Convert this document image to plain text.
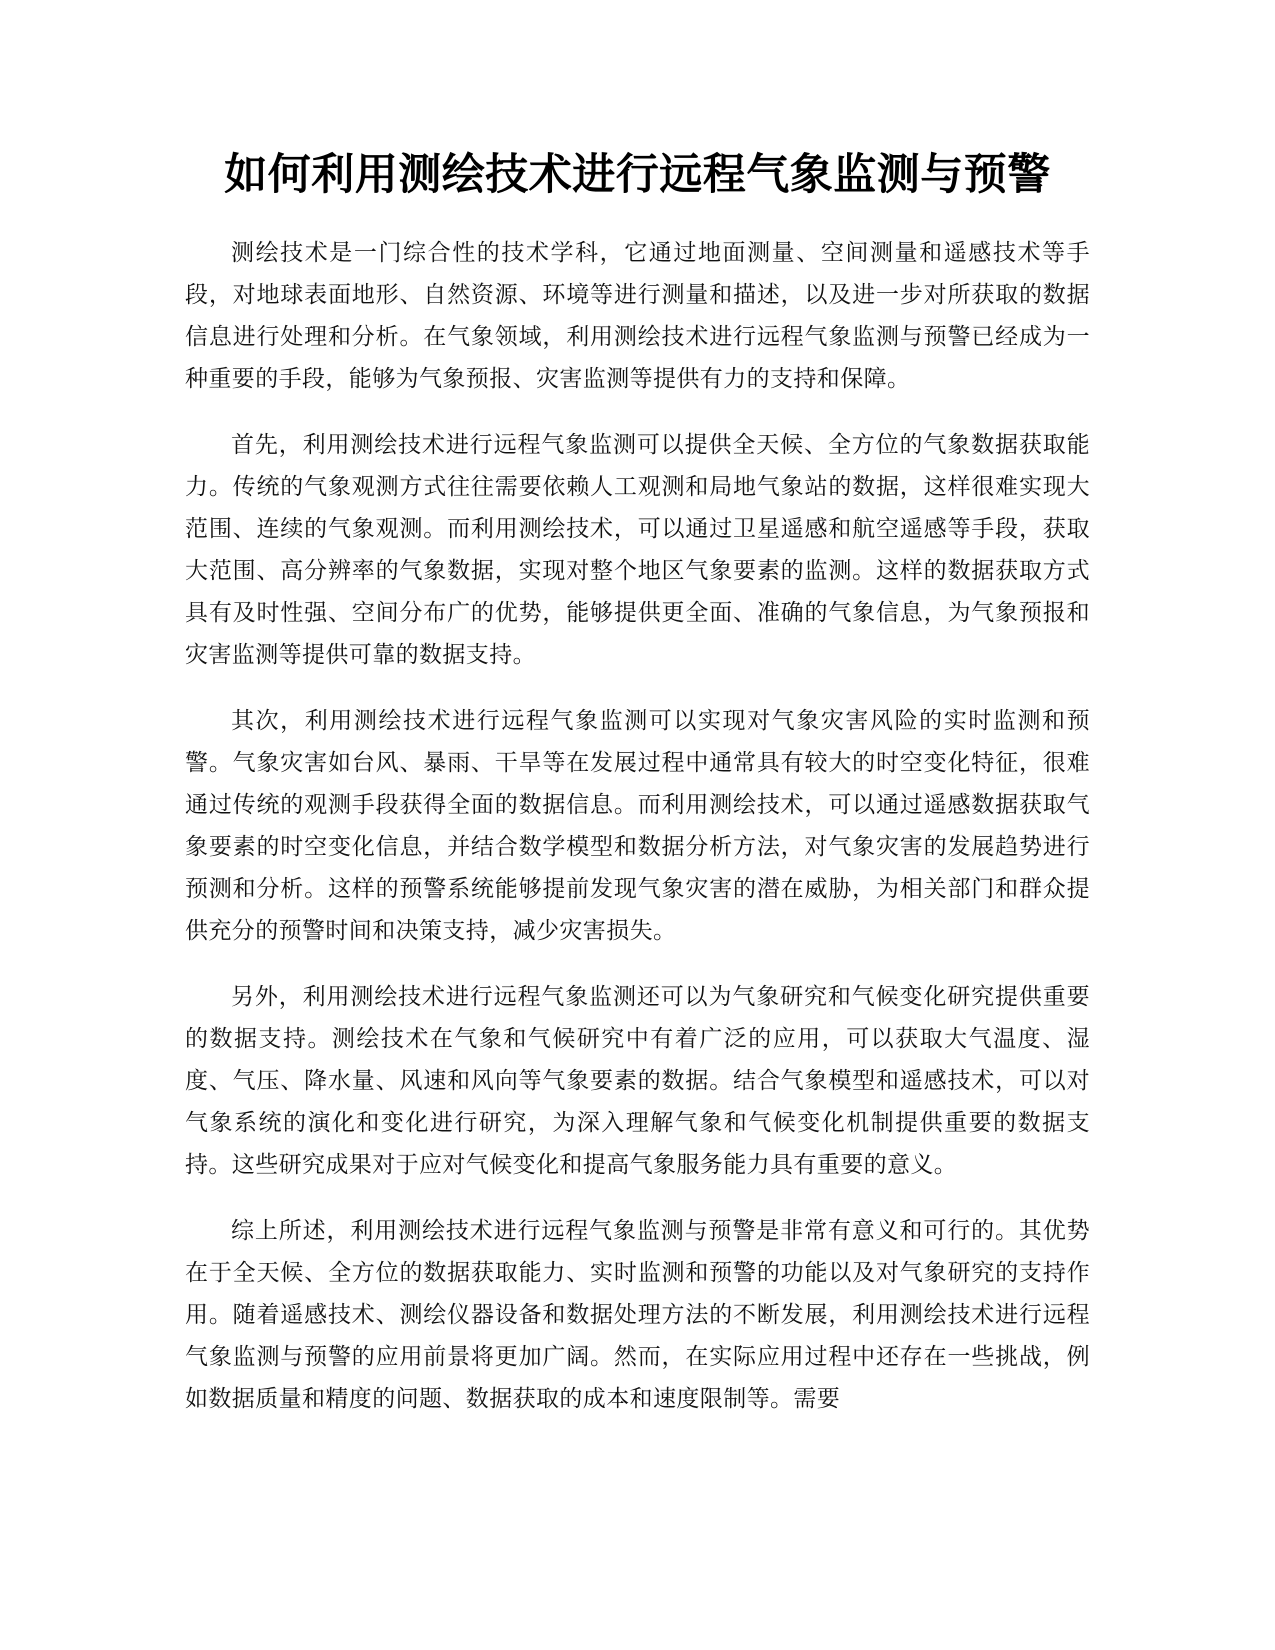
如何利用测绘技术进行远程气象监测与预警

测绘技术是一门综合性的技术学科，它通过地面测量、空间测量和遥感技术等手段，对地球表面地形、自然资源、环境等进行测量和描述，以及进一步对所获取的数据信息进行处理和分析。在气象领域，利用测绘技术进行远程气象监测与预警已经成为一种重要的手段，能够为气象预报、灾害监测等提供有力的支持和保障。

首先，利用测绘技术进行远程气象监测可以提供全天候、全方位的气象数据获取能力。传统的气象观测方式往往需要依赖人工观测和局地气象站的数据，这样很难实现大范围、连续的气象观测。而利用测绘技术，可以通过卫星遥感和航空遥感等手段，获取大范围、高分辨率的气象数据，实现对整个地区气象要素的监测。这样的数据获取方式具有及时性强、空间分布广的优势，能够提供更全面、准确的气象信息，为气象预报和灾害监测等提供可靠的数据支持。

其次，利用测绘技术进行远程气象监测可以实现对气象灾害风险的实时监测和预警。气象灾害如台风、暴雨、干旱等在发展过程中通常具有较大的时空变化特征，很难通过传统的观测手段获得全面的数据信息。而利用测绘技术，可以通过遥感数据获取气象要素的时空变化信息，并结合数学模型和数据分析方法，对气象灾害的发展趋势进行预测和分析。这样的预警系统能够提前发现气象灾害的潜在威胁，为相关部门和群众提供充分的预警时间和决策支持，减少灾害损失。

另外，利用测绘技术进行远程气象监测还可以为气象研究和气候变化研究提供重要的数据支持。测绘技术在气象和气候研究中有着广泛的应用，可以获取大气温度、湿度、气压、降水量、风速和风向等气象要素的数据。结合气象模型和遥感技术，可以对气象系统的演化和变化进行研究，为深入理解气象和气候变化机制提供重要的数据支持。这些研究成果对于应对气候变化和提高气象服务能力具有重要的意义。

综上所述，利用测绘技术进行远程气象监测与预警是非常有意义和可行的。其优势在于全天候、全方位的数据获取能力、实时监测和预警的功能以及对气象研究的支持作用。随着遥感技术、测绘仪器设备和数据处理方法的不断发展，利用测绘技术进行远程气象监测与预警的应用前景将更加广阔。然而，在实际应用过程中还存在一些挑战，例如数据质量和精度的问题、数据获取的成本和速度限制等。需要
